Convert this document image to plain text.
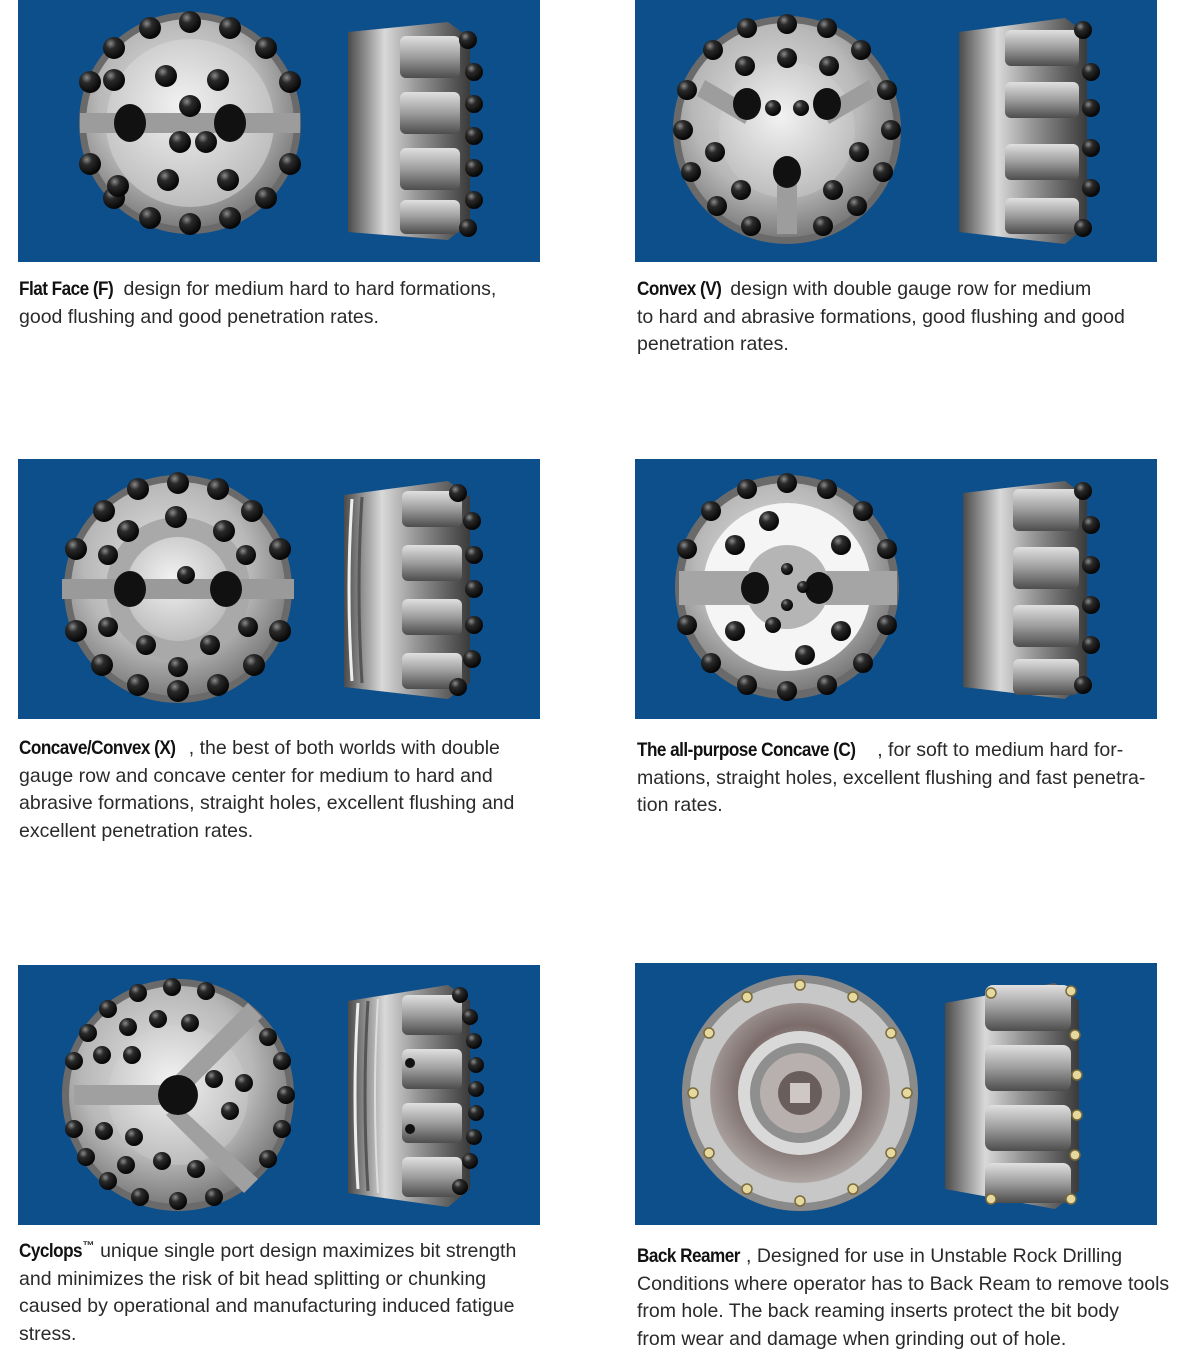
Flat Face (F) design for medium hard to hard formations,
good flushing and good penetration rates.
Convex (V) design with double gauge row for medium
to hard and abrasive formations, good flushing and good
penetration rates.
Concave/Convex (X) , the best of both worlds with double
gauge row and concave center for medium to hard and
abrasive formations, straight holes, excellent flushing and
excellent penetration rates.
The all-purpose Concave (C) , for soft to medium hard for-
mations, straight holes, excellent flushing and fast penetra-
tion rates.
Cyclops™ unique single port design maximizes bit strength
and minimizes the risk of bit head splitting or chunking
caused by operational and manufacturing induced fatigue
stress.
Back Reamer , Designed for use in Unstable Rock Drilling
Conditions where operator has to Back Ream to remove tools
from hole. The back reaming inserts protect the bit body
from wear and damage when grinding out of hole.
